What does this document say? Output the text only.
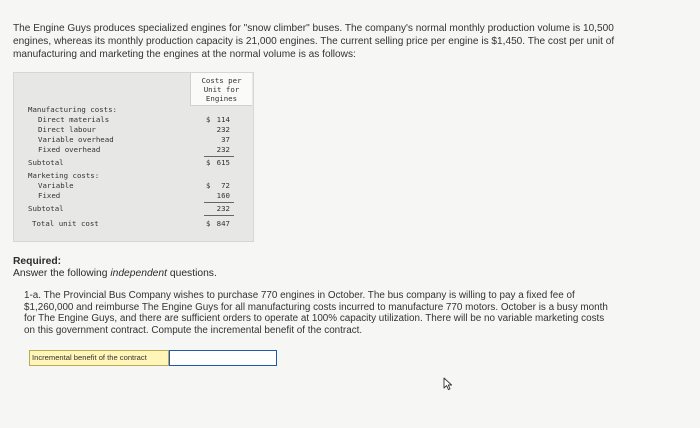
The Engine Guys produces specialized engines for "snow climber" buses. The company's normal monthly production volume is 10,500

engines, whereas its monthly production capacity is 21,000 engines. The current selling price per engine is $1,450. The cost per unit of

manufacturing and marketing the engines at the normal volume is as follows:

Costs per
Unit for
Engines
Manufacturing costs:
Direct materials	$ 114
Direct labour	232
Variable overhead	37
Fixed overhead	232
Subtotal	$ 615
Marketing costs:
Variable	$ 72
Fixed	160
Subtotal	232
Total unit cost	$ 847
Required:
Answer the following independent questions.

1-a. The Provincial Bus Company wishes to purchase 770 engines in October. The bus company is willing to pay a fixed fee of

$1,260,000 and reimburse The Engine Guys for all manufacturing costs incurred to manufacture 770 motors. October is a busy month

for The Engine Guys, and there are sufficient orders to operate at 100% capacity utilization. There will be no variable marketing costs

on this government contract. Compute the incremental benefit of the contract.

Incremental benefit of the contract
